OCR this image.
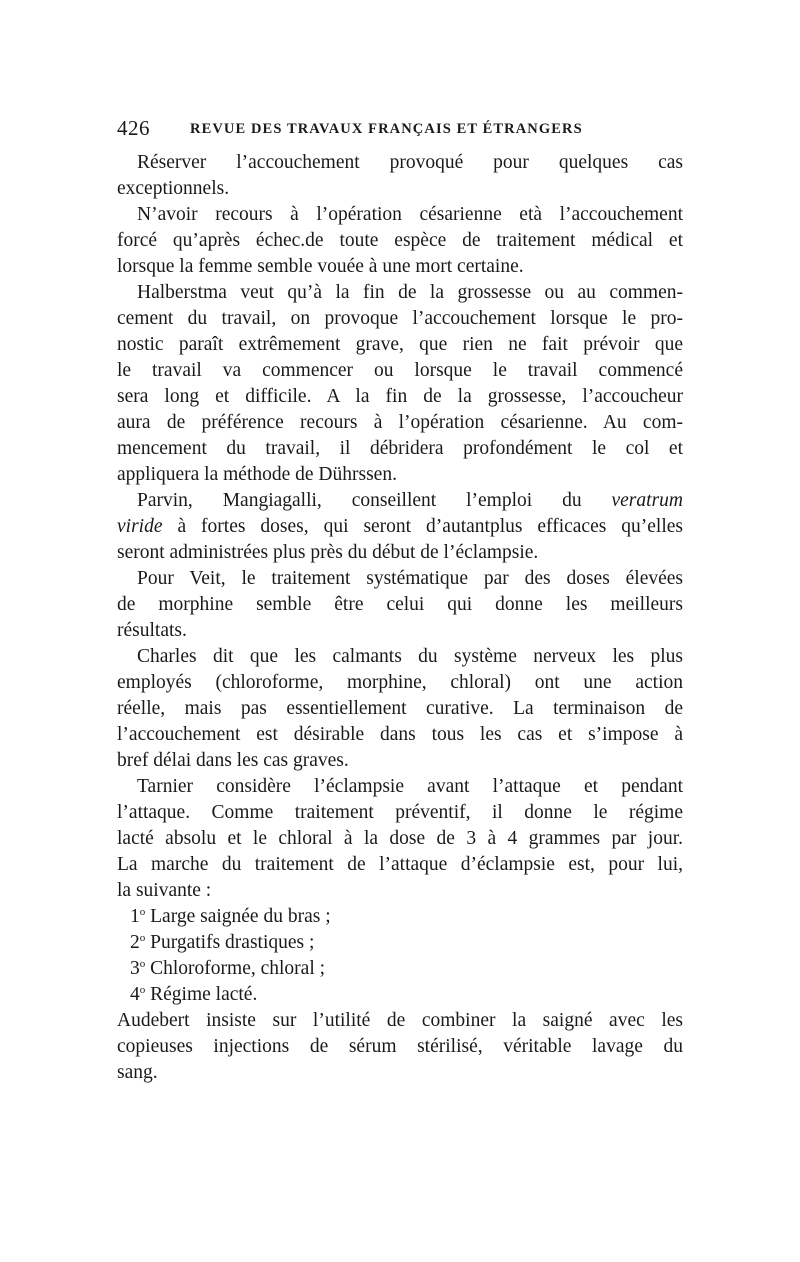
426	REVUE DES TRAVAUX FRANÇAIS ET ÉTRANGERS
Réserver l’accouchement provoqué pour quelques cas
exceptionnels.
N’avoir recours à l’opération césarienne età l’accouchement
forcé qu’après échec.de toute espèce de traitement médical et
lorsque la femme semble vouée à une mort certaine.
Halberstma veut qu’à la fin de la grossesse ou au commen-
cement du travail, on provoque l’accouchement lorsque le pro-
nostic paraît extrêmement grave, que rien ne fait prévoir que
le travail va commencer ou lorsque le travail commencé
sera long et difficile. A la fin de la grossesse, l’accoucheur
aura de préférence recours à l’opération césarienne. Au com-
mencement du travail, il débridera profondément le col et
appliquera la méthode de Dührssen.
Parvin, Mangiagalli, conseillent l’emploi du veratrum
viride à fortes doses, qui seront d’autantplus efficaces qu’elles
seront administrées plus près du début de l’éclampsie.
Pour Veit, le traitement systématique par des doses élevées
de morphine semble être celui qui donne les meilleurs
résultats.
Charles dit que les calmants du système nerveux les plus
employés (chloroforme, morphine, chloral) ont une action
réelle, mais pas essentiellement curative. La terminaison de
l’accouchement est désirable dans tous les cas et s’impose à
bref délai dans les cas graves.
Tarnier considère l’éclampsie avant l’attaque et pendant
l’attaque. Comme traitement préventif, il donne le régime
lacté absolu et le chloral à la dose de 3 à 4 grammes par jour.
La marche du traitement de l’attaque d’éclampsie est, pour lui,
la suivante :
1$^o$ Large saignée du bras ;
2$^o$ Purgatifs drastiques ;
3$^o$ Chloroforme, chloral ;
4$^o$ Régime lacté.
Audebert insiste sur l’utilité de combiner la saigné avec les
copieuses injections de sérum stérilisé, véritable lavage du
sang.
